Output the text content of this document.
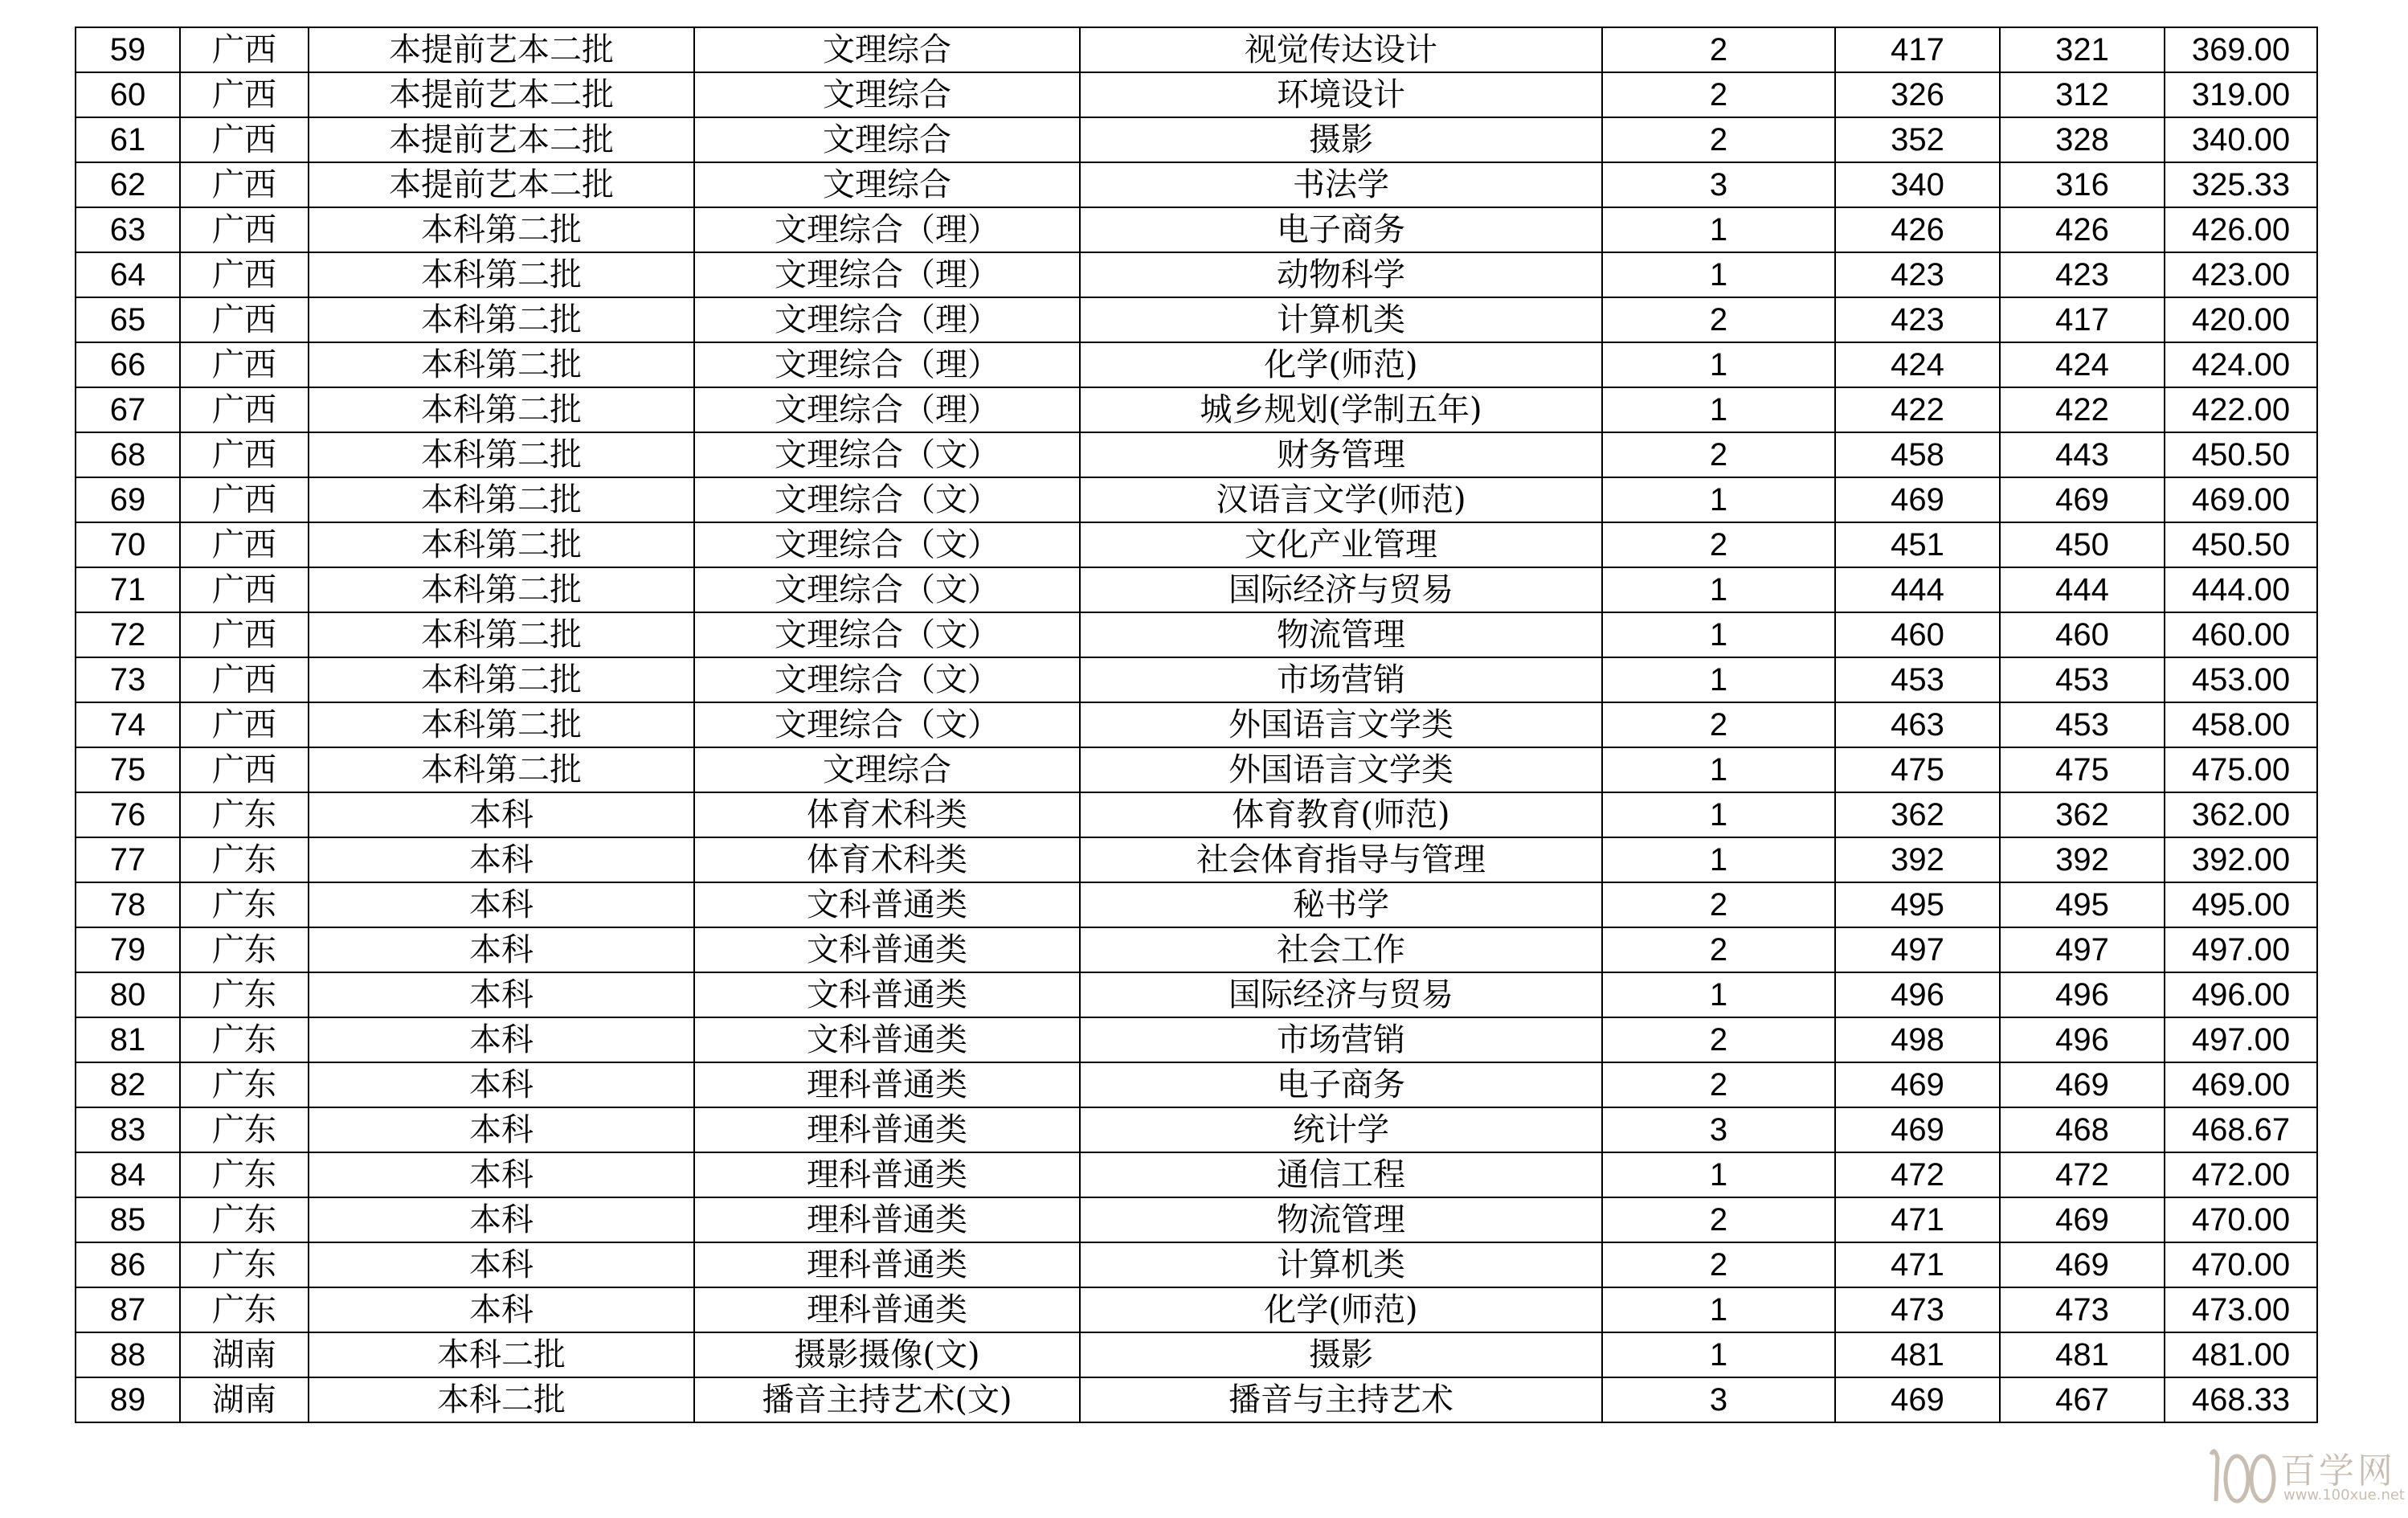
59	广西	本提前艺本二批	文理综合	视觉传达设计	2	417	321	369.00
60	广西	本提前艺本二批	文理综合	环境设计	2	326	312	319.00
61	广西	本提前艺本二批	文理综合	摄影	2	352	328	340.00
62	广西	本提前艺本二批	文理综合	书法学	3	340	316	325.33
63	广西	本科第二批	文理综合（理）	电子商务	1	426	426	426.00
64	广西	本科第二批	文理综合（理）	动物科学	1	423	423	423.00
65	广西	本科第二批	文理综合（理）	计算机类	2	423	417	420.00
66	广西	本科第二批	文理综合（理）	化学(师范)	1	424	424	424.00
67	广西	本科第二批	文理综合（理）	城乡规划(学制五年)	1	422	422	422.00
68	广西	本科第二批	文理综合（文）	财务管理	2	458	443	450.50
69	广西	本科第二批	文理综合（文）	汉语言文学(师范)	1	469	469	469.00
70	广西	本科第二批	文理综合（文）	文化产业管理	2	451	450	450.50
71	广西	本科第二批	文理综合（文）	国际经济与贸易	1	444	444	444.00
72	广西	本科第二批	文理综合（文）	物流管理	1	460	460	460.00
73	广西	本科第二批	文理综合（文）	市场营销	1	453	453	453.00
74	广西	本科第二批	文理综合（文）	外国语言文学类	2	463	453	458.00
75	广西	本科第二批	文理综合	外国语言文学类	1	475	475	475.00
76	广东	本科	体育术科类	体育教育(师范)	1	362	362	362.00
77	广东	本科	体育术科类	社会体育指导与管理	1	392	392	392.00
78	广东	本科	文科普通类	秘书学	2	495	495	495.00
79	广东	本科	文科普通类	社会工作	2	497	497	497.00
80	广东	本科	文科普通类	国际经济与贸易	1	496	496	496.00
81	广东	本科	文科普通类	市场营销	2	498	496	497.00
82	广东	本科	理科普通类	电子商务	2	469	469	469.00
83	广东	本科	理科普通类	统计学	3	469	468	468.67
84	广东	本科	理科普通类	通信工程	1	472	472	472.00
85	广东	本科	理科普通类	物流管理	2	471	469	470.00
86	广东	本科	理科普通类	计算机类	2	471	469	470.00
87	广东	本科	理科普通类	化学(师范)	1	473	473	473.00
88	湖南	本科二批	摄影摄像(文)	摄影	1	481	481	481.00
89	湖南	本科二批	播音主持艺术(文)	播音与主持艺术	3	469	467	468.33
百学网
www.100xue.net
